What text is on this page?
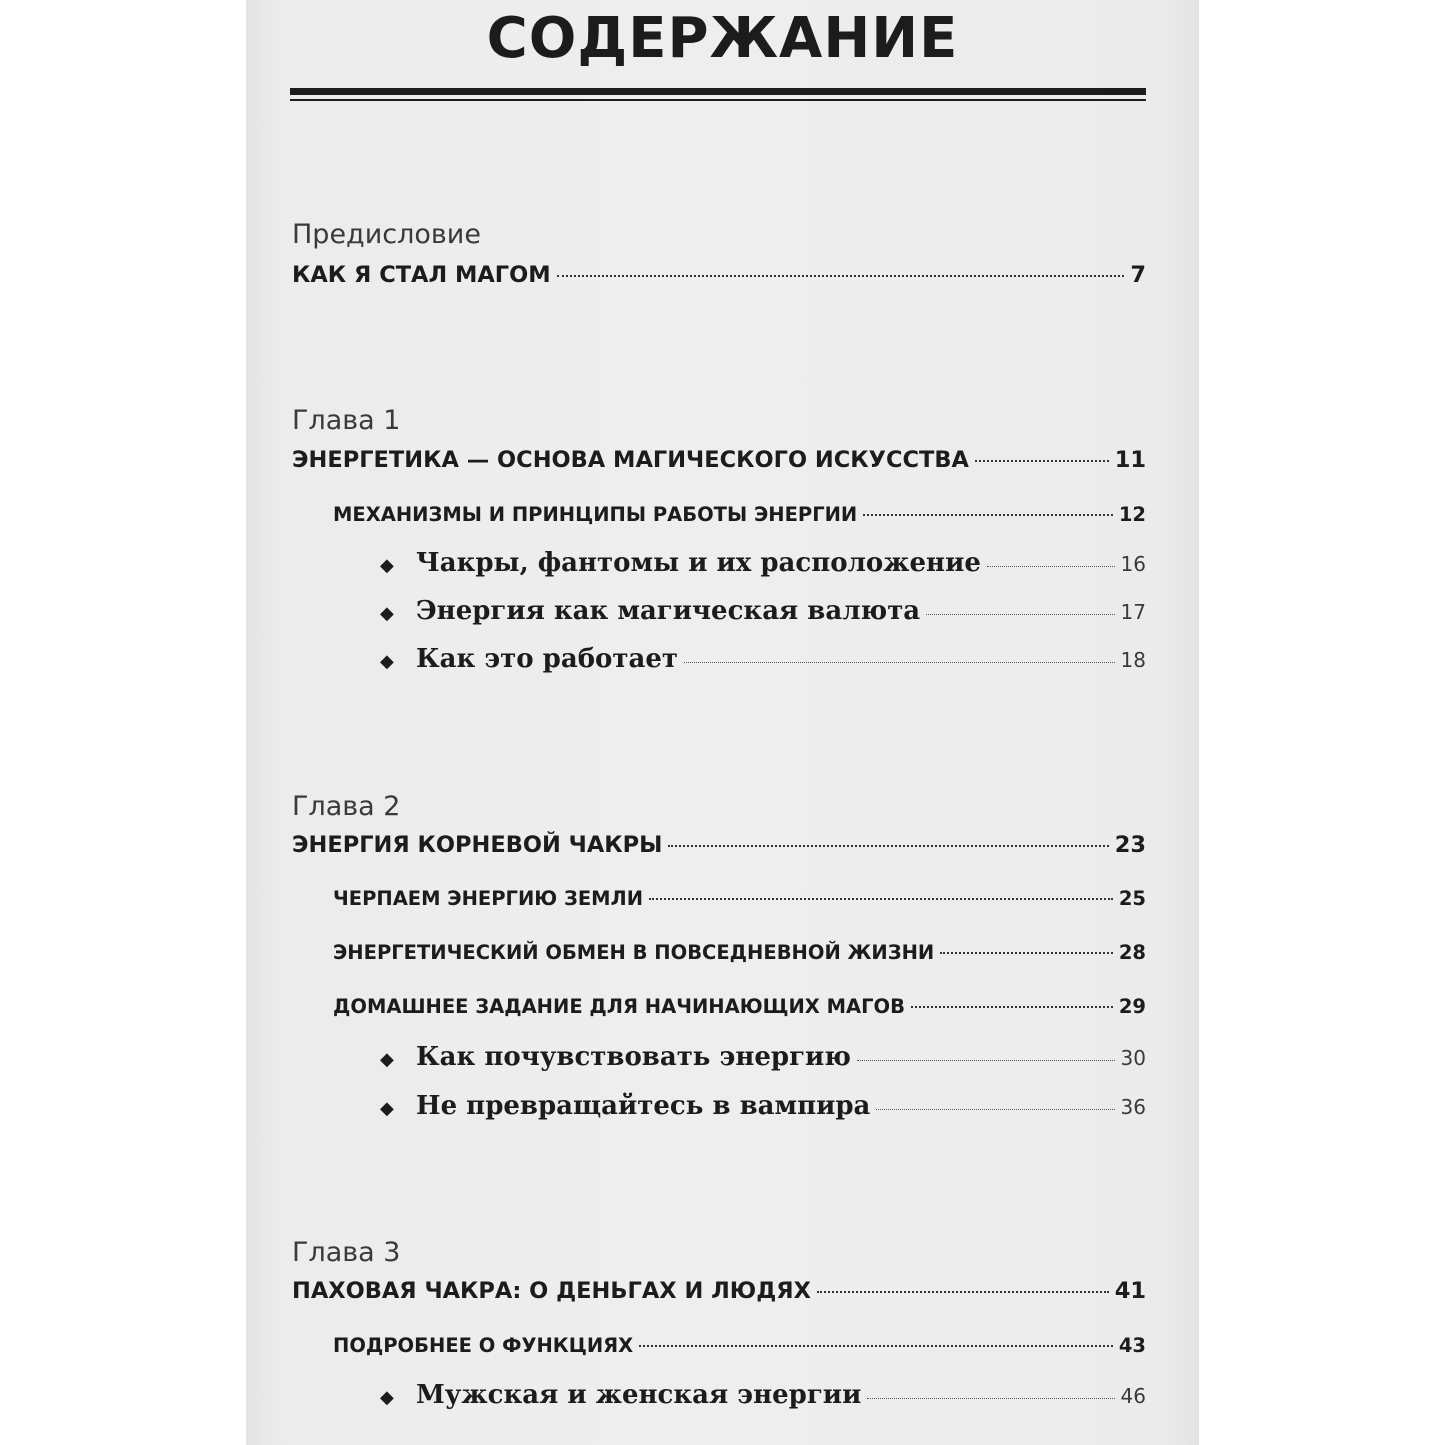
СОДЕРЖАНИЕ
Предисловие
КАК Я СТАЛ МАГОМ	7
Глава 1
ЭНЕРГЕТИКА — ОСНОВА МАГИЧЕСКОГО ИСКУССТВА	11
МЕХАНИЗМЫ И ПРИНЦИПЫ РАБОТЫ ЭНЕРГИИ	12
◆ Чакры, фантомы и их расположение	16
◆ Энергия как магическая валюта	17
◆ Как это работает	18
Глава 2
ЭНЕРГИЯ КОРНЕВОЙ ЧАКРЫ	23
ЧЕРПАЕМ ЭНЕРГИЮ ЗЕМЛИ	25
ЭНЕРГЕТИЧЕСКИЙ ОБМЕН В ПОВСЕДНЕВНОЙ ЖИЗНИ	28
ДОМАШНЕЕ ЗАДАНИЕ ДЛЯ НАЧИНАЮЩИХ МАГОВ	29
◆ Как почувствовать энергию	30
◆ Не превращайтесь в вампира	36
Глава 3
ПАХОВАЯ ЧАКРА: О ДЕНЬГАХ И ЛЮДЯХ	41
ПОДРОБНЕЕ О ФУНКЦИЯХ	43
◆ Мужская и женская энергии	46
